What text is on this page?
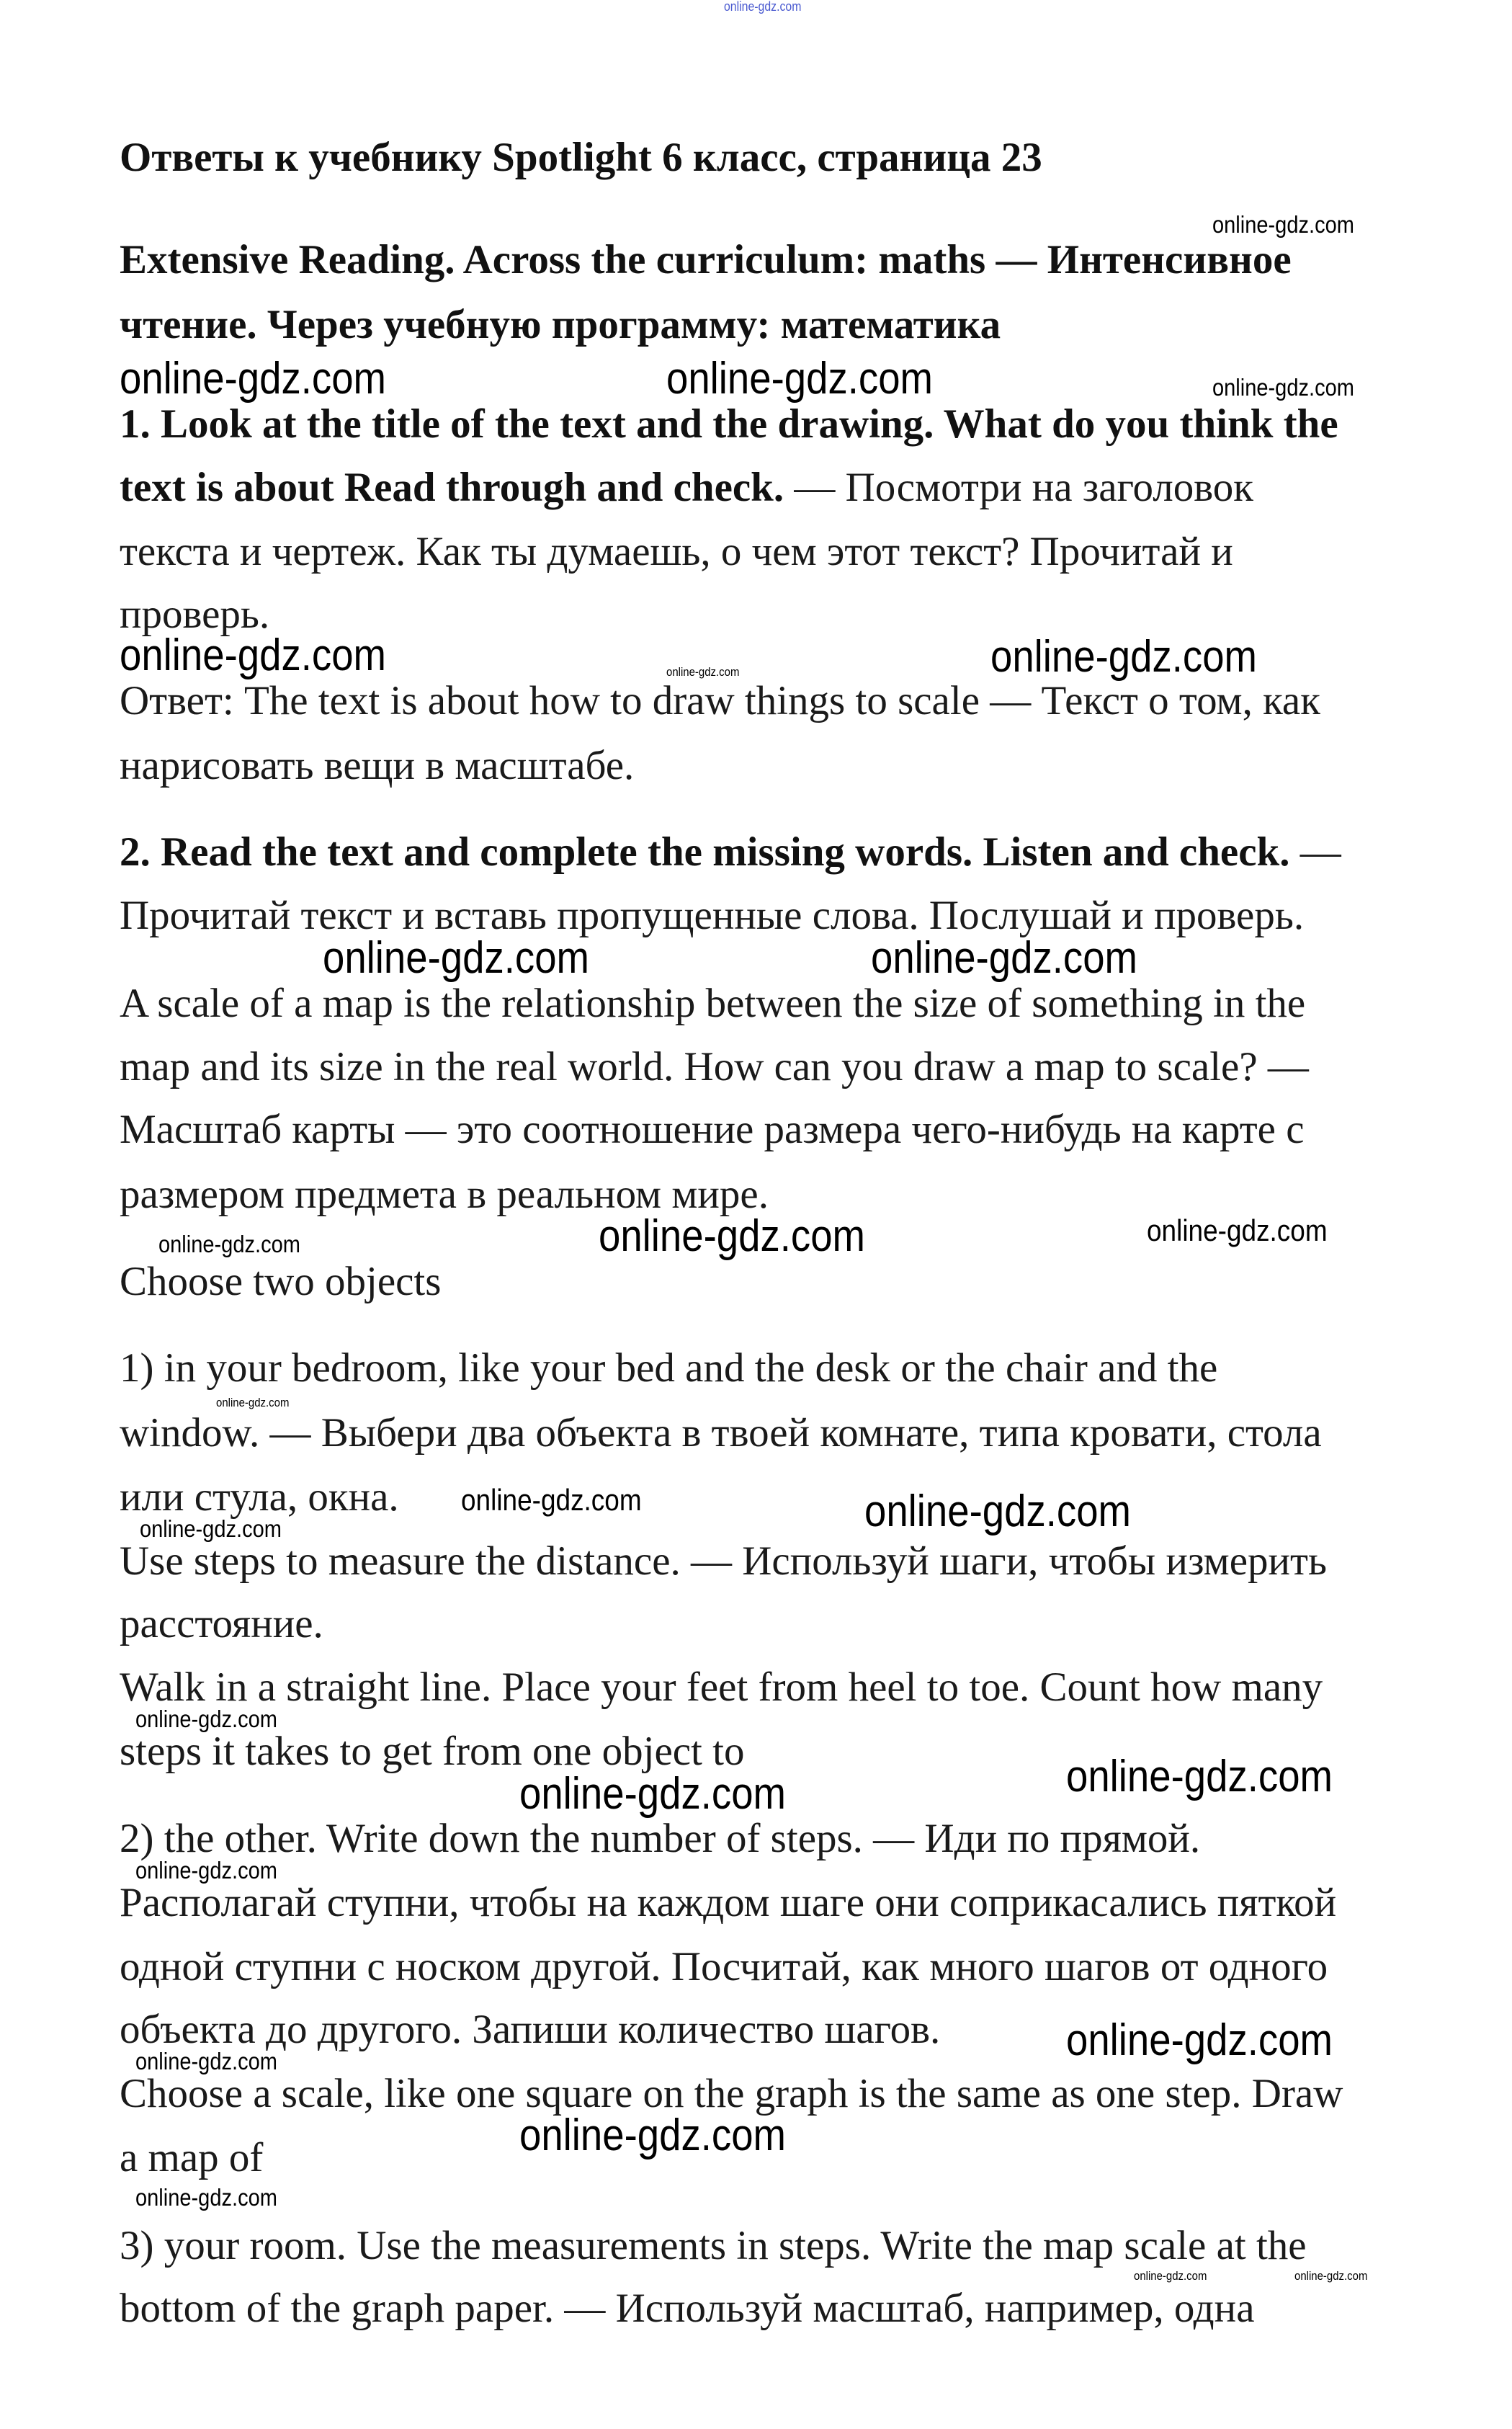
online-gdz.com
Ответы к учебнику Spotlight 6 класс, страница 23
Extensive Reading. Across the curriculum: maths — Интенсивное
чтение. Через учебную программу: математика
1. Look at the title of the text and the drawing. What do you think the
text is about Read through and check. — Посмотри на заголовок
текста и чертеж. Как ты думаешь, о чем этот текст? Прочитай и
проверь.
Ответ: The text is about how to draw things to scale — Текст о том, как
нарисовать вещи в масштабе.
2. Read the text and complete the missing words. Listen and check. —
Прочитай текст и вставь пропущенные слова. Послушай и проверь.
A scale of a map is the relationship between the size of something in the
map and its size in the real world. How can you draw a map to scale? —
Масштаб карты — это соотношение размера чего-нибудь на карте с
размером предмета в реальном мире.
Choose two objects
1) in your bedroom, like your bed and the desk or the chair and the
window. — Выбери два объекта в твоей комнате, типа кровати, стола
или стула, окна.
Use steps to measure the distance. — Используй шаги, чтобы измерить
расстояние.
Walk in a straight line. Place your feet from heel to toe. Count how many
steps it takes to get from one object to
2) the other. Write down the number of steps. — Иди по прямой.
Располагай ступни, чтобы на каждом шаге они соприкасались пяткой
одной ступни с носком другой. Посчитай, как много шагов от одного
объекта до другого. Запиши количество шагов.
Choose a scale, like one square on the graph is the same as one step. Draw
a map of
3) your room. Use the measurements in steps. Write the map scale at the
bottom of the graph paper. — Используй масштаб, например, одна
online-gdz.com
online-gdz.com	online-gdz.com	online-gdz.com
online-gdz.com	online-gdz.com	online-gdz.com
online-gdz.com	online-gdz.com
online-gdz.com	online-gdz.com	online-gdz.com
online-gdz.com
online-gdz.com	online-gdz.com
online-gdz.com
online-gdz.com
online-gdz.com
online-gdz.com
online-gdz.com
online-gdz.com
online-gdz.com
online-gdz.com
online-gdz.com
online-gdz.com	online-gdz.com
